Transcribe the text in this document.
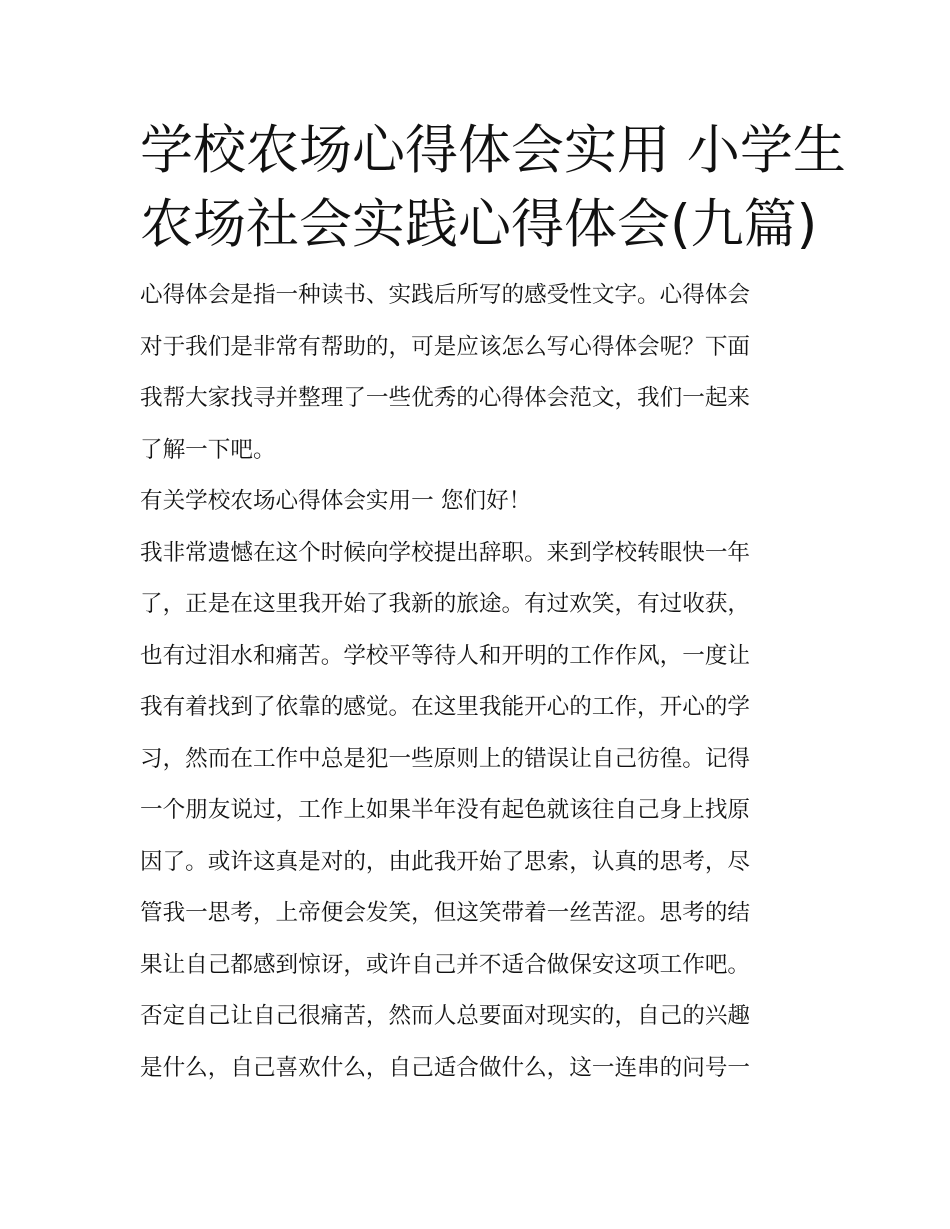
学校农场心得体会实用 小学生
农场社会实践心得体会(九篇)

心得体会是指一种读书、实践后所写的感受性文字。心得体会
对于我们是非常有帮助的，可是应该怎么写心得体会呢？下面
我帮大家找寻并整理了一些优秀的心得体会范文，我们一起来
了解一下吧。

有关学校农场心得体会实用一 您们好！

我非常遗憾在这个时候向学校提出辞职。来到学校转眼快一年
了，正是在这里我开始了我新的旅途。有过欢笑，有过收获，
也有过泪水和痛苦。学校平等待人和开明的工作作风，一度让
我有着找到了依靠的感觉。在这里我能开心的工作，开心的学
习，然而在工作中总是犯一些原则上的错误让自己彷徨。记得
一个朋友说过，工作上如果半年没有起色就该往自己身上找原
因了。或许这真是对的，由此我开始了思索，认真的思考，尽
管我一思考，上帝便会发笑，但这笑带着一丝苦涩。思考的结
果让自己都感到惊讶，或许自己并不适合做保安这项工作吧。
否定自己让自己很痛苦，然而人总要面对现实的，自己的兴趣
是什么，自己喜欢什么，自己适合做什么，这一连串的问号一
